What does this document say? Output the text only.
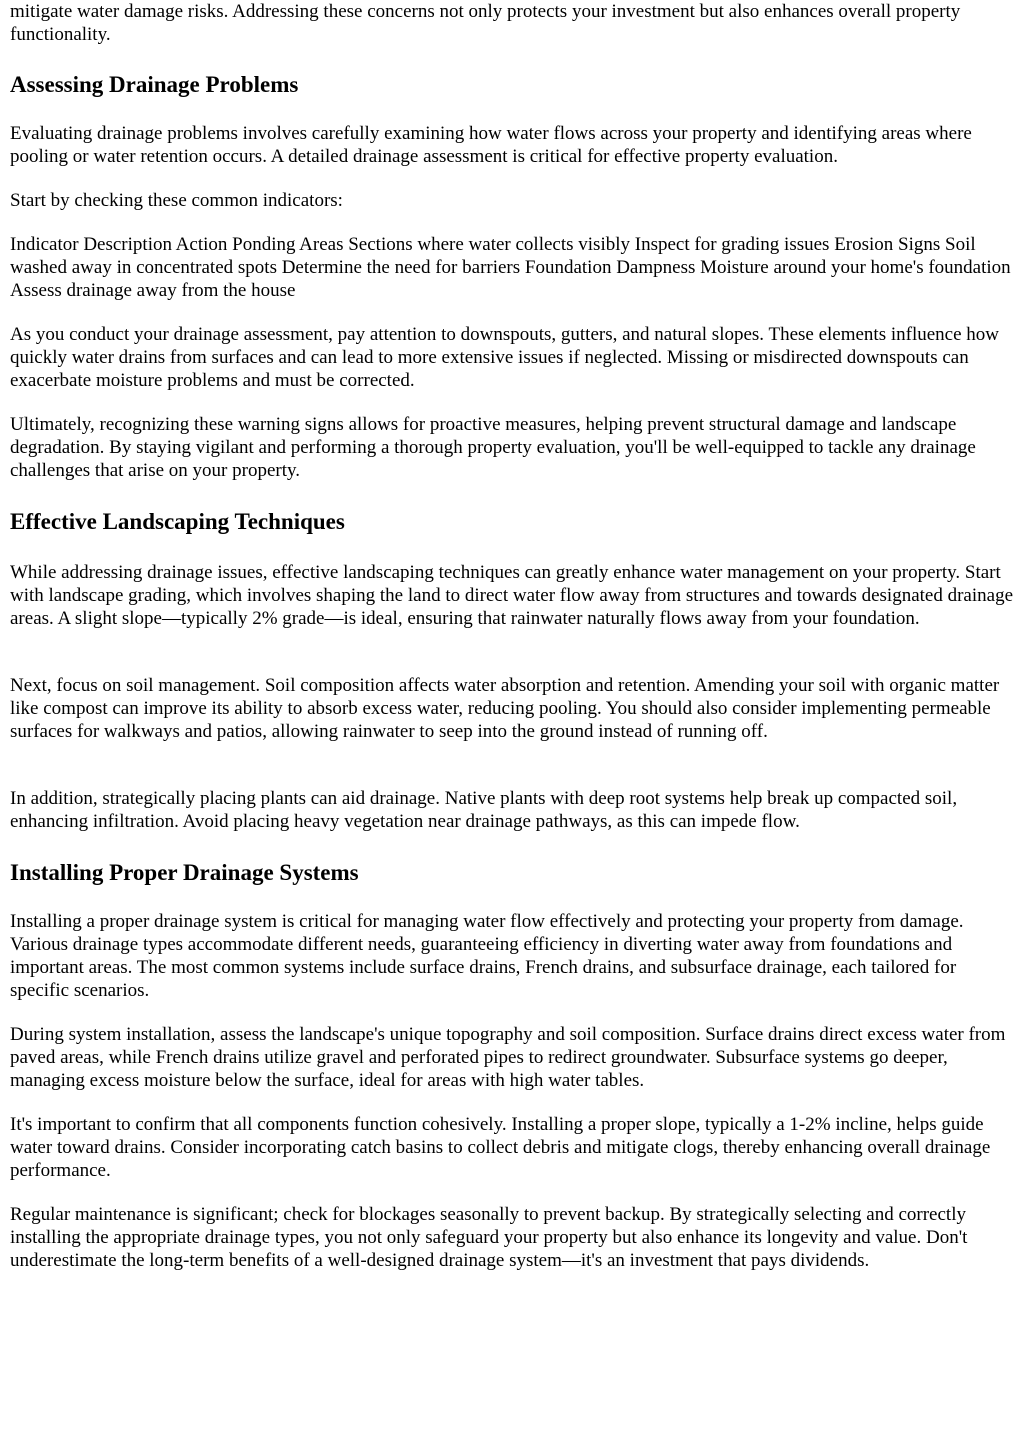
mitigate water damage risks. Addressing these concerns not only protects your investment but also enhances overall property functionality.

Assessing Drainage Problems

Evaluating drainage problems involves carefully examining how water flows across your property and identifying areas where pooling or water retention occurs. A detailed drainage assessment is critical for effective property evaluation.

Start by checking these common indicators:

Indicator Description Action Ponding Areas Sections where water collects visibly Inspect for grading issues Erosion Signs Soil washed away in concentrated spots Determine the need for barriers Foundation Dampness Moisture around your home's foundation Assess drainage away from the house

As you conduct your drainage assessment, pay attention to downspouts, gutters, and natural slopes. These elements influence how quickly water drains from surfaces and can lead to more extensive issues if neglected. Missing or misdirected downspouts can exacerbate moisture problems and must be corrected.

Ultimately, recognizing these warning signs allows for proactive measures, helping prevent structural damage and landscape degradation. By staying vigilant and performing a thorough property evaluation, you'll be well-equipped to tackle any drainage challenges that arise on your property.

Effective Landscaping Techniques

While addressing drainage issues, effective landscaping techniques can greatly enhance water management on your property. Start with landscape grading, which involves shaping the land to direct water flow away from structures and towards designated drainage areas. A slight slope—typically 2% grade—is ideal, ensuring that rainwater naturally flows away from your foundation.

Next, focus on soil management. Soil composition affects water absorption and retention. Amending your soil with organic matter like compost can improve its ability to absorb excess water, reducing pooling. You should also consider implementing permeable surfaces for walkways and patios, allowing rainwater to seep into the ground instead of running off.

In addition, strategically placing plants can aid drainage. Native plants with deep root systems help break up compacted soil, enhancing infiltration. Avoid placing heavy vegetation near drainage pathways, as this can impede flow.

Installing Proper Drainage Systems

Installing a proper drainage system is critical for managing water flow effectively and protecting your property from damage. Various drainage types accommodate different needs, guaranteeing efficiency in diverting water away from foundations and important areas. The most common systems include surface drains, French drains, and subsurface drainage, each tailored for specific scenarios.

During system installation, assess the landscape's unique topography and soil composition. Surface drains direct excess water from paved areas, while French drains utilize gravel and perforated pipes to redirect groundwater. Subsurface systems go deeper, managing excess moisture below the surface, ideal for areas with high water tables.

It's important to confirm that all components function cohesively. Installing a proper slope, typically a 1-2% incline, helps guide water toward drains. Consider incorporating catch basins to collect debris and mitigate clogs, thereby enhancing overall drainage performance.

Regular maintenance is significant; check for blockages seasonally to prevent backup. By strategically selecting and correctly installing the appropriate drainage types, you not only safeguard your property but also enhance its longevity and value. Don't underestimate the long-term benefits of a well-designed drainage system—it's an investment that pays dividends.
